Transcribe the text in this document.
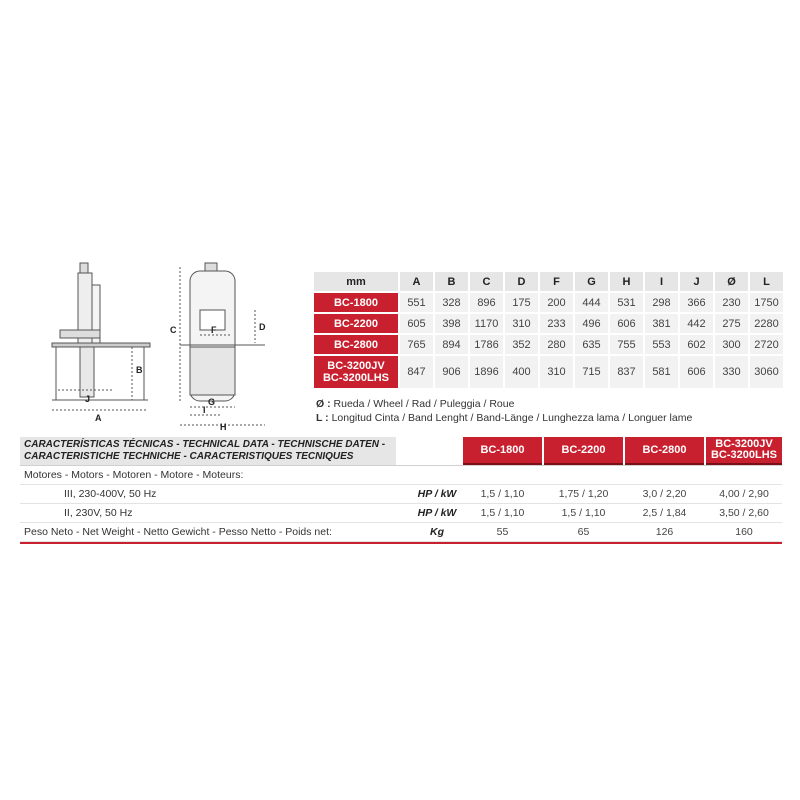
A
B
J
C	D
F
G
I
H
mm	A	B	C	D	F	G	H	I	J	Ø	L
BC-1800	551	328	896	175	200	444	531	298	366	230	1750
BC-2200	605	398	1170	310	233	496	606	381	442	275	2280
BC-2800	765	894	1786	352	280	635	755	553	602	300	2720
BC-3200JV
BC-3200LHS	847	906	1896	400	310	715	837	581	606	330	3060
Ø : Rueda / Wheel / Rad / Puleggia / Roue
L : Longitud Cinta / Band Lenght / Band-Länge / Lunghezza lama / Longuer lame
CARACTERÍSTICAS TÉCNICAS - TECHNICAL DATA - TECHNISCHE DATEN -
CARACTERISTICHE TECHNICHE - CARACTERISTIQUES TECNIQUES
BC-1800	BC-2200	BC-2800	BC-3200JV
BC-3200LHS
Motores - Motors - Motoren - Motore - Moteurs:
III, 230-400V, 50 Hz	HP / kW	1,5 / 1,10	1,75 / 1,20	3,0 / 2,20	4,00 / 2,90
II, 230V, 50 Hz	HP / kW	1,5 / 1,10	1,5 / 1,10	2,5 / 1,84	3,50 / 2,60
Peso Neto - Net Weight - Netto Gewicht - Pesso Netto - Poids net:	Kg	55	65	126	160
